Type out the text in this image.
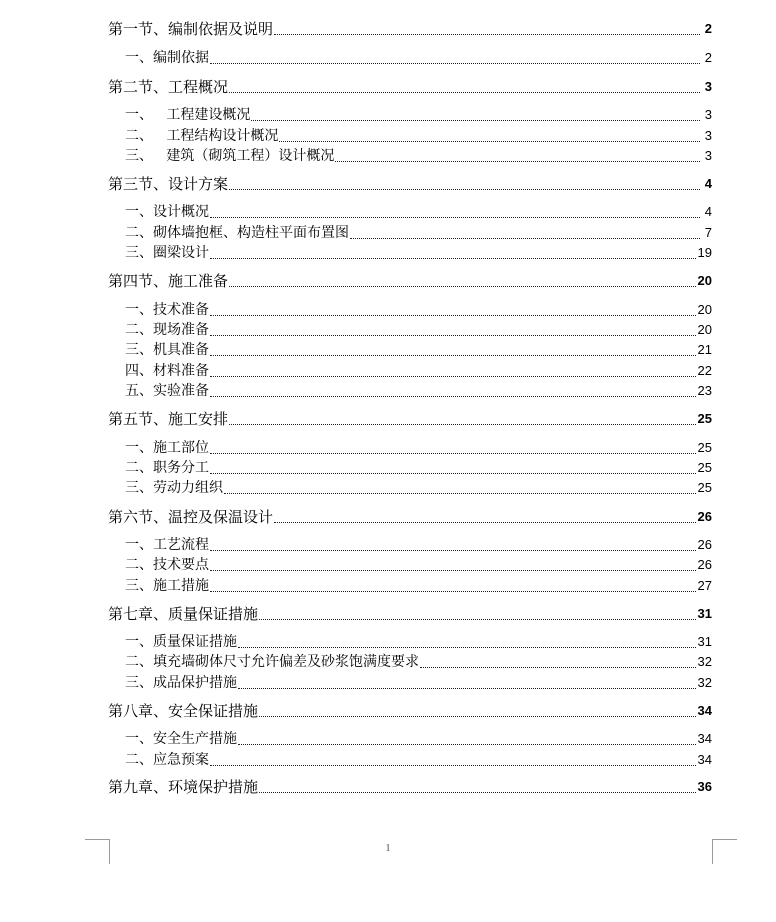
第一节、编制依据及说明	2
一、编制依据	2
第二节、工程概况	3
一、   工程建设概况	3
二、   工程结构设计概况	3
三、   建筑（砌筑工程）设计概况	3
第三节、设计方案	4
一、设计概况	4
二、砌体墙抱框、构造柱平面布置图	7
三、圈梁设计	19
第四节、施工准备	20
一、技术准备	20
二、现场准备	20
三、机具准备	21
四、材料准备	22
五、实验准备	23
第五节、施工安排	25
一、施工部位	25
二、职务分工	25
三、劳动力组织	25
第六节、温控及保温设计	26
一、工艺流程	26
二、技术要点	26
三、施工措施	27
第七章、质量保证措施	31
一、质量保证措施	31
二、填充墙砌体尺寸允许偏差及砂浆饱满度要求	32
三、成品保护措施	32
第八章、安全保证措施	34
一、安全生产措施	34
二、应急预案	34
第九章、环境保护措施	36
1
